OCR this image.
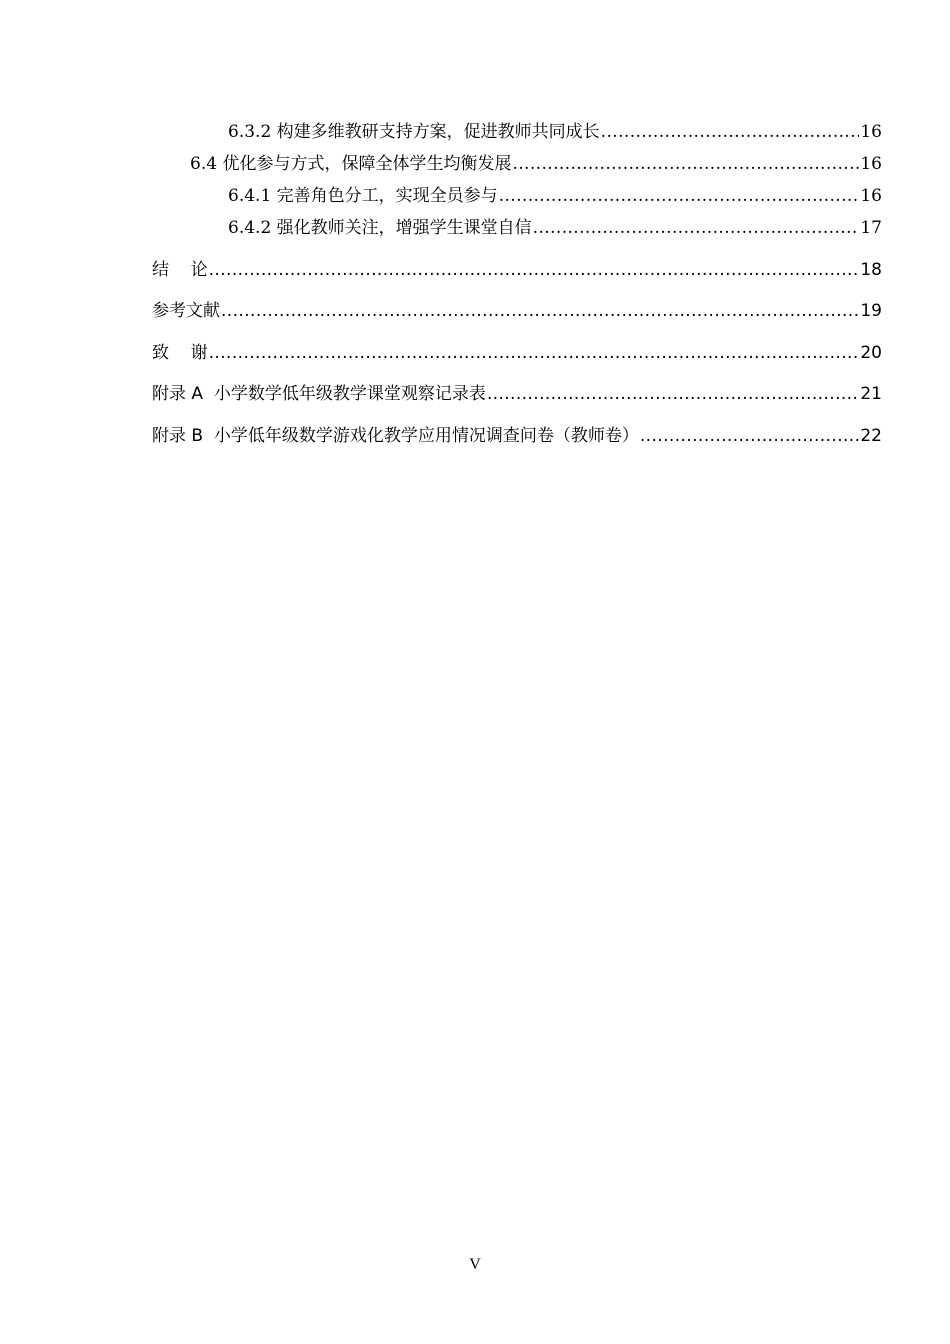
6.3.2 构建多维教研支持方案，促进教师共同成长 .....	16
6.4 优化参与方式，保障全体学生均衡发展 .....	16
6.4.1 完善角色分工，实现全员参与 .....	16
6.4.2 强化教师关注，增强学生课堂自信 .....	17
结    论 .....	18
参考文献 .....	19
致    谢 .....	20
附录 A  小学数学低年级教学课堂观察记录表 .....	21
附录 B  小学低年级数学游戏化教学应用情况调查问卷（教师卷） .....	22
V
